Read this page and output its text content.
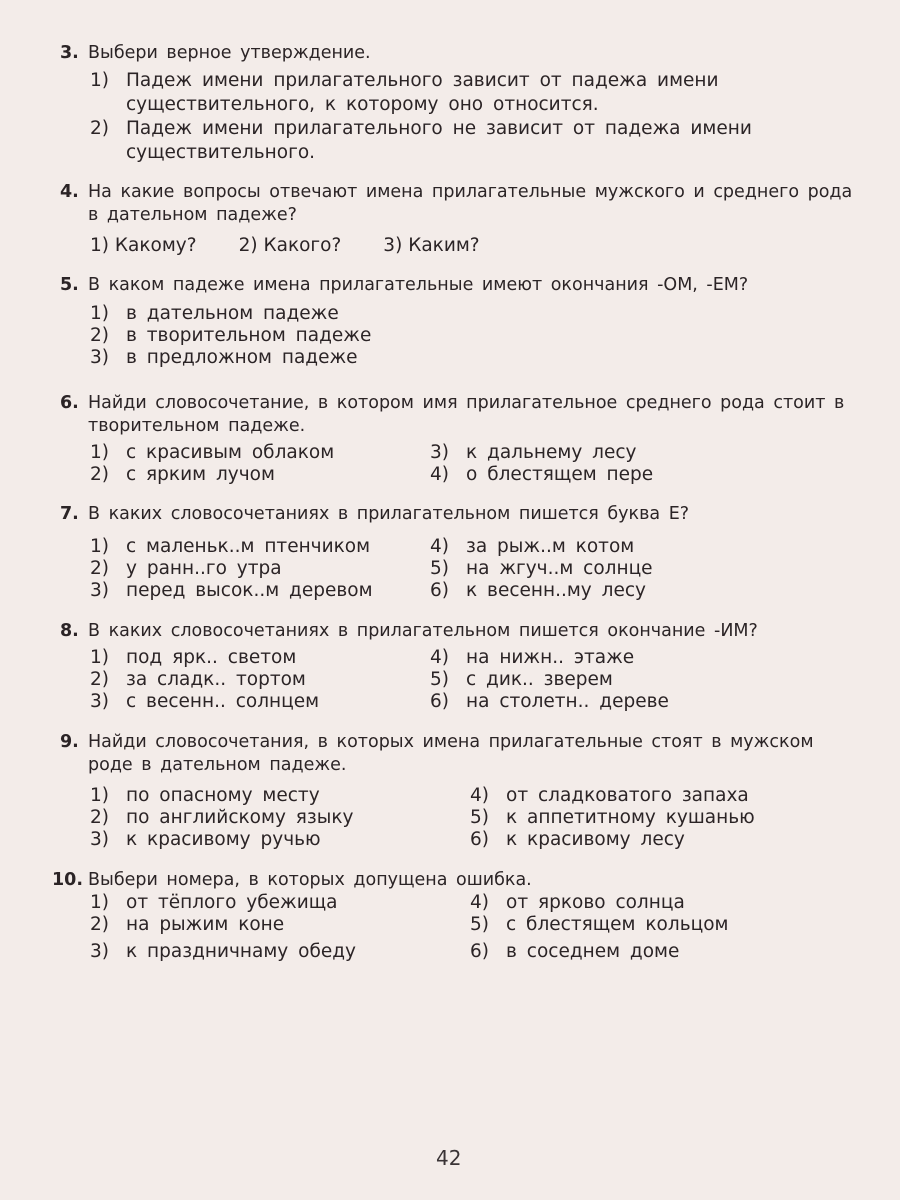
3. Выбери верное утверждение.
1) Падеж имени прилагательного зависит от падежа имени существительного, к которому оно относится.
2) Падеж имени прилагательного не зависит от падежа имени существительного.
4. На какие вопросы отвечают имена прилагательные мужского и среднего рода в дательном падеже?
1) Какому? 2) Какого? 3) Каким?
5. В каком падеже имена прилагательные имеют окончания -ОМ, -ЕМ?
1) в дательном падеже
2) в творительном падеже
3) в предложном падеже
6. Найди словосочетание, в котором имя прилагательное среднего рода стоит в творительном падеже.
1) с красивым облаком	3) к дальнему лесу
2) с ярким лучом	4) о блестящем пере
7. В каких словосочетаниях в прилагательном пишется буква Е?
1) с маленьк..м птенчиком	4) за рыж..м котом
2) у ранн..го утра	5) на жгуч..м солнце
3) перед высок..м деревом	6) к весенн..му лесу
8. В каких словосочетаниях в прилагательном пишется окончание -ИМ?
1) под ярк.. светом	4) на нижн.. этаже
2) за сладк.. тортом	5) с дик.. зверем
3) с весенн.. солнцем	6) на столетн.. дереве
9. Найди словосочетания, в которых имена прилагательные стоят в мужском роде в дательном падеже.
1) по опасному месту	4) от сладковатого запаха
2) по английскому языку	5) к аппетитному кушанью
3) к красивому ручью	6) к красивому лесу
10. Выбери номера, в которых допущена ошибка.
1) от тёплого убежища	4) от ярково солнца
2) на рыжим коне	5) с блестящем кольцом
3) к праздничнаму обеду	6) в соседнем доме
42
